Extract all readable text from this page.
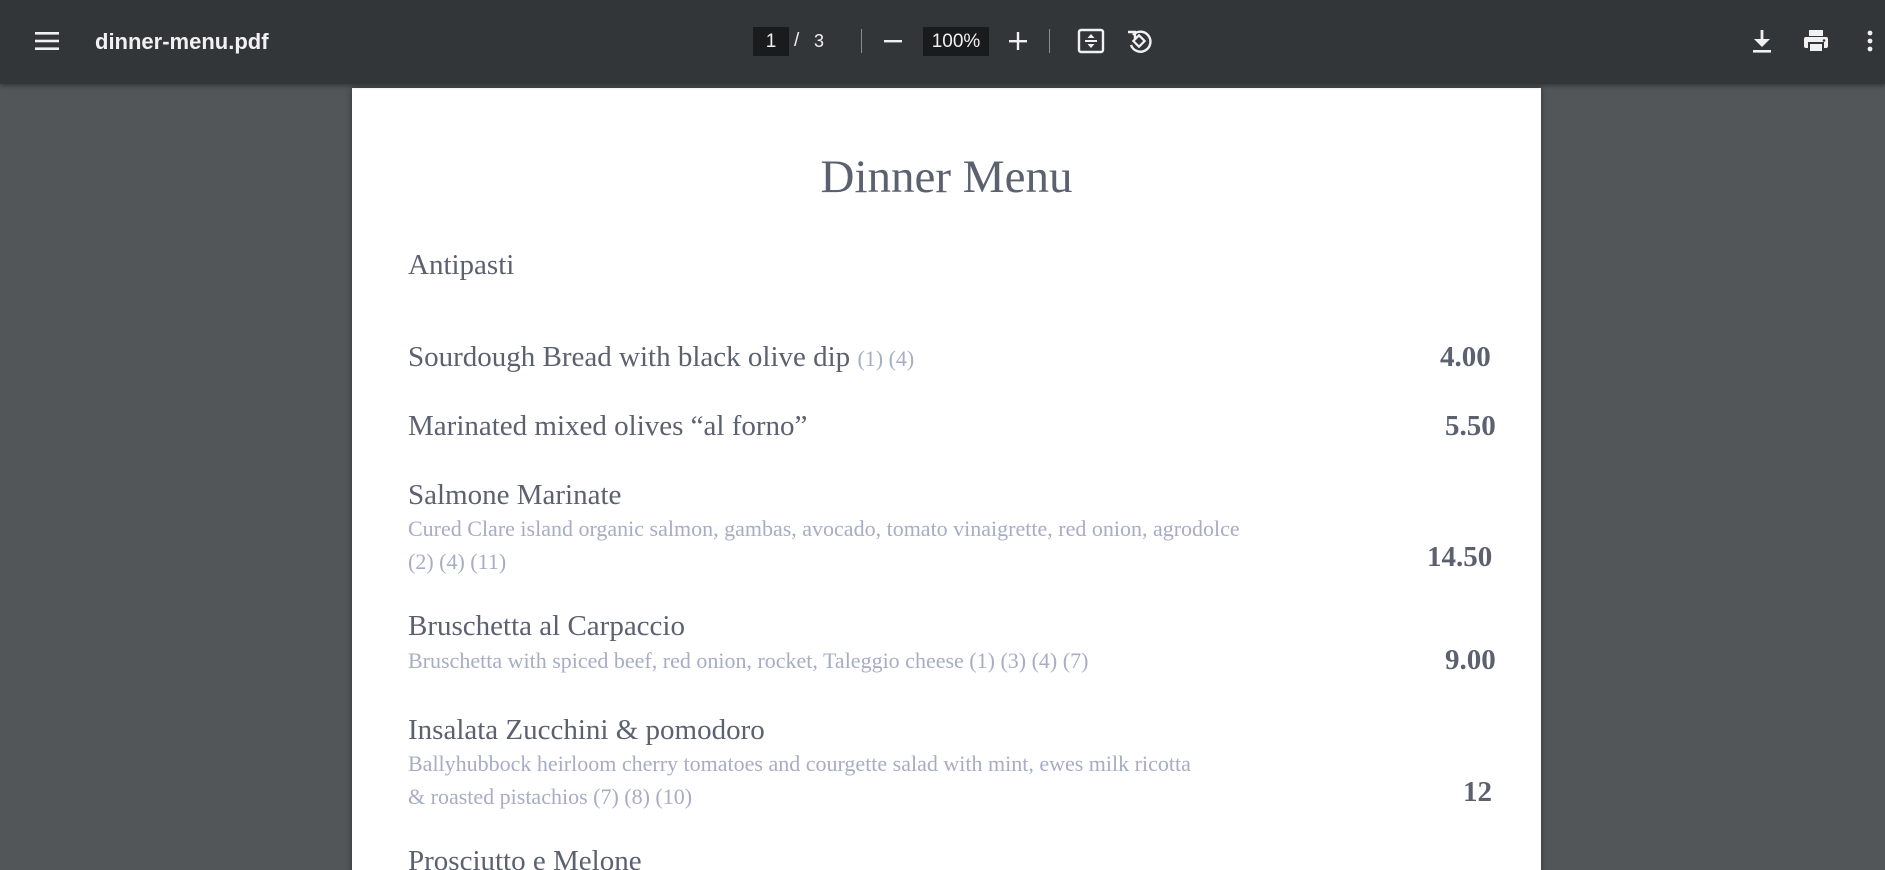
dinner-menu.pdf
1	/ 3
100%
Dinner Menu
Antipasti
Sourdough Bread with black olive dip (1) (4)	4.00
Marinated mixed olives “al forno”	5.50
Salmone Marinate
Cured Clare island organic salmon, gambas, avocado, tomato vinaigrette, red onion, agrodolce
(2) (4) (11)	14.50
Bruschetta al Carpaccio
Bruschetta with spiced beef, red onion, rocket, Taleggio cheese (1) (3) (4) (7)	9.00
Insalata Zucchini & pomodoro
Ballyhubbock heirloom cherry tomatoes and courgette salad with mint, ewes milk ricotta
& roasted pistachios (7) (8) (10)	12
Prosciutto e Melone
